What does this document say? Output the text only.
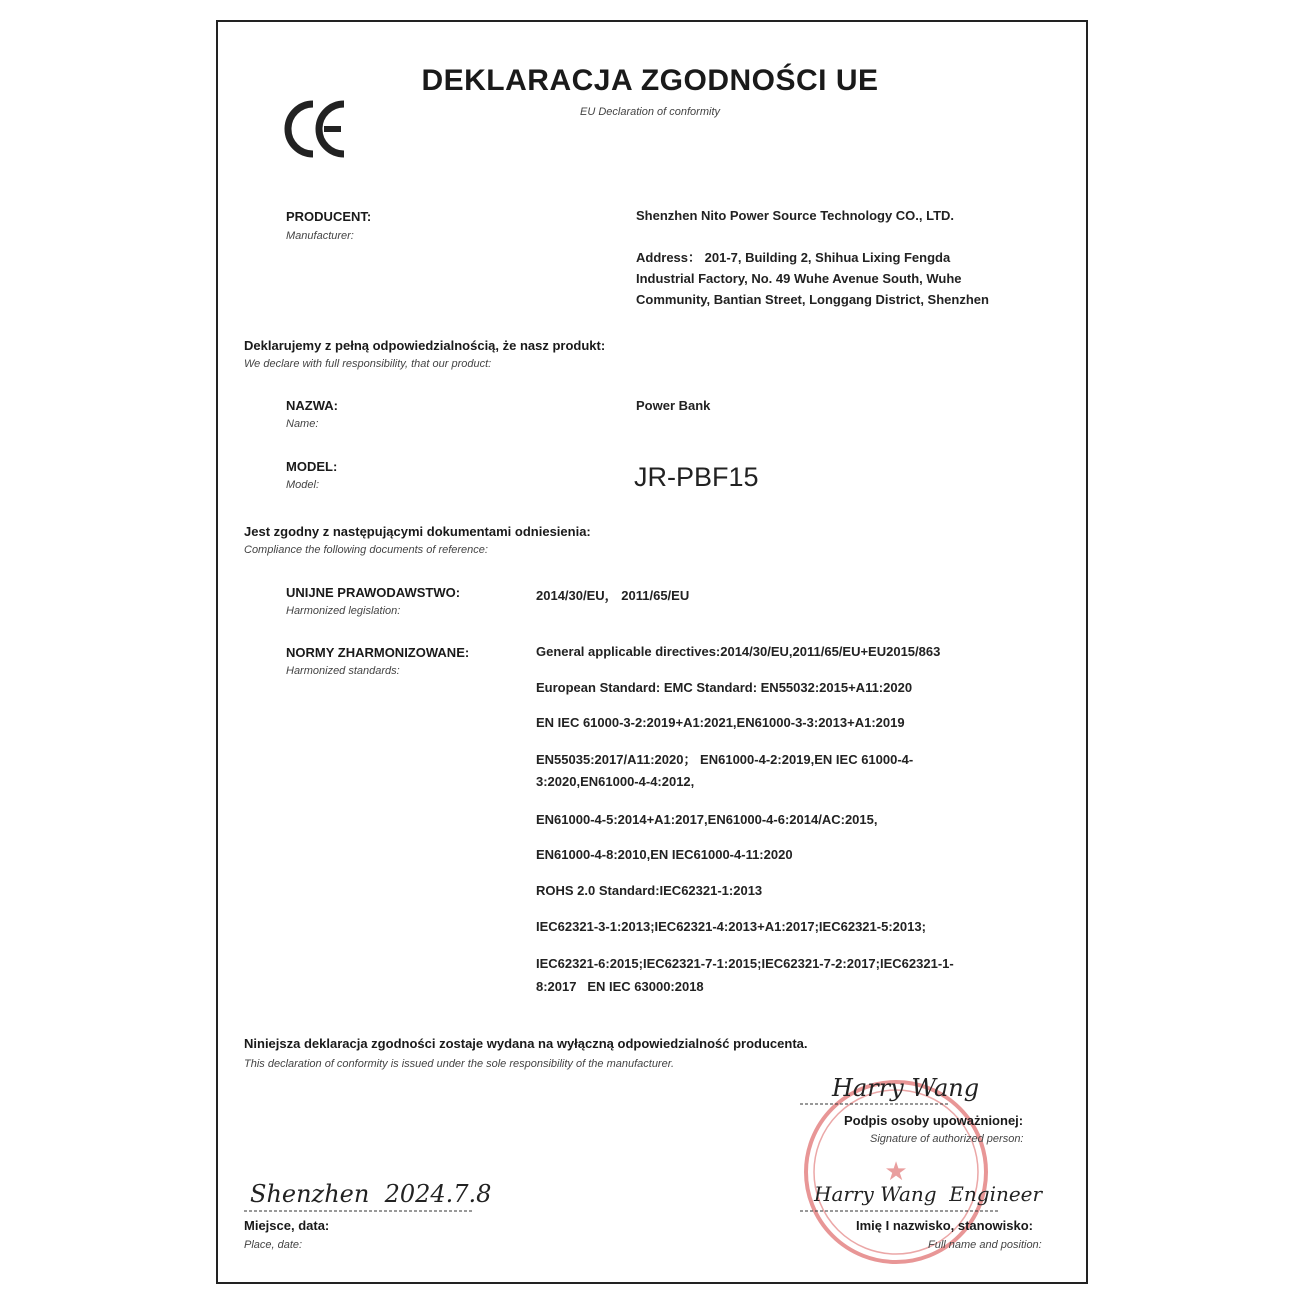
DEKLARACJA ZGODNOŚCI UE
EU Declaration of conformity
PRODUCENT:
Manufacturer:
Shenzhen Nito Power Source Technology CO., LTD.
Address： 201-7, Building 2, Shihua Lixing Fengda
Industrial Factory, No. 49 Wuhe Avenue South, Wuhe
Community, Bantian Street, Longgang District, Shenzhen
Deklarujemy z pełną odpowiedzialnością, że nasz produkt:
We declare with full responsibility, that our product:
NAZWA:
Name:
Power Bank
MODEL:
Model:	JR-PBF15
Jest zgodny z następującymi dokumentami odniesienia:
Compliance the following documents of reference:
UNIJNE PRAWODAWSTWO:
Harmonized legislation:
2014/30/EU， 2011/65/EU
NORMY ZHARMONIZOWANE:
Harmonized standards:
General applicable directives:2014/30/EU,2011/65/EU+EU2015/863
European Standard: EMC Standard: EN55032:2015+A11:2020
EN IEC 61000-3-2:2019+A1:2021,EN61000-3-3:2013+A1:2019
EN55035:2017/A11:2020； EN61000-4-2:2019,EN IEC 61000-4-
3:2020,EN61000-4-4:2012,
EN61000-4-5:2014+A1:2017,EN61000-4-6:2014/AC:2015,
EN61000-4-8:2010,EN IEC61000-4-11:2020
ROHS 2.0 Standard:IEC62321-1:2013
IEC62321-3-1:2013;IEC62321-4:2013+A1:2017;IEC62321-5:2013;
IEC62321-6:2015;IEC62321-7-1:2015;IEC62321-7-2:2017;IEC62321-1-
8:2017   EN IEC 63000:2018
Niniejsza deklaracja zgodności zostaje wydana na wyłączną odpowiedzialność producenta.
This declaration of conformity is issued under the sole responsibility of the manufacturer.
★
Harry Wang
Podpis osoby upoważnionej:
Signature of authorized person:
Shenzhen  2024.7.8
Miejsce, data:
Place, date:
Harry Wang  Engineer
Imię I nazwisko, stanowisko:
Full name and position:
